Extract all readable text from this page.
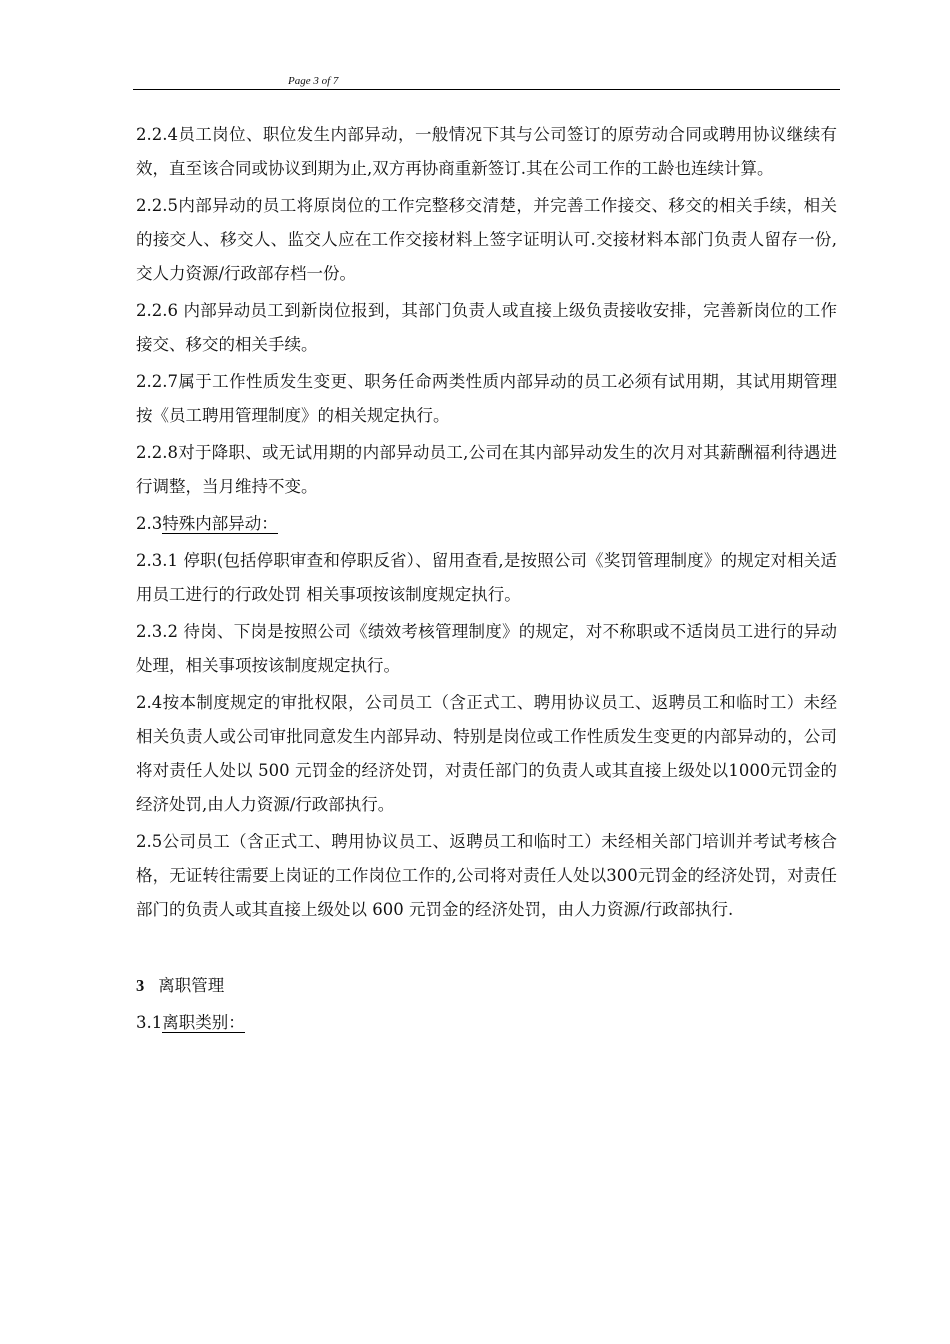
Page 3 of 7

2.2.4员工岗位、职位发生内部异动，一般情况下其与公司签订的原劳动合同或聘用协议继续有效，直至该合同或协议到期为止,双方再协商重新签订.其在公司工作的工龄也连续计算。

2.2.5内部异动的员工将原岗位的工作完整移交清楚，并完善工作接交、移交的相关手续，相关的接交人、移交人、监交人应在工作交接材料上签字证明认可.交接材料本部门负责人留存一份,交人力资源/行政部存档一份。

2.2.6 内部异动员工到新岗位报到，其部门负责人或直接上级负责接收安排，完善新岗位的工作接交、移交的相关手续。

2.2.7属于工作性质发生变更、职务任命两类性质内部异动的员工必须有试用期，其试用期管理按《员工聘用管理制度》的相关规定执行。

2.2.8对于降职、或无试用期的内部异动员工,公司在其内部异动发生的次月对其薪酬福利待遇进行调整，当月维持不变。

2.3特殊内部异动：

2.3.1 停职(包括停职审查和停职反省）、留用查看,是按照公司《奖罚管理制度》的规定对相关适用员工进行的行政处罚 相关事项按该制度规定执行。

2.3.2 待岗、下岗是按照公司《绩效考核管理制度》的规定，对不称职或不适岗员工进行的异动处理，相关事项按该制度规定执行。

2.4按本制度规定的审批权限，公司员工（含正式工、聘用协议员工、返聘员工和临时工）未经相关负责人或公司审批同意发生内部异动、特别是岗位或工作性质发生变更的内部异动的，公司将对责任人处以 500 元罚金的经济处罚，对责任部门的负责人或其直接上级处以1000元罚金的经济处罚,由人力资源/行政部执行。

2.5公司员工（含正式工、聘用协议员工、返聘员工和临时工）未经相关部门培训并考试考核合格，无证转往需要上岗证的工作岗位工作的,公司将对责任人处以300元罚金的经济处罚，对责任部门的负责人或其直接上级处以 600 元罚金的经济处罚，由人力资源/行政部执行.

3 离职管理

3.1离职类别：
